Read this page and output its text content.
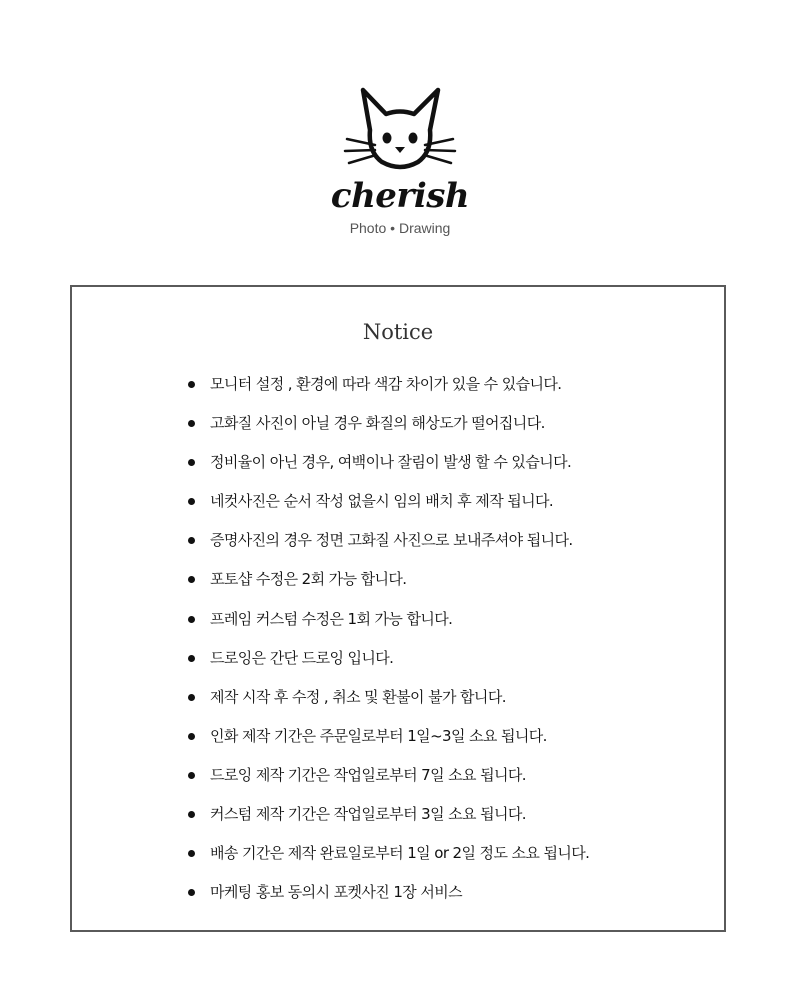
cherish
Photo • Drawing
Notice
모니터 설정 , 환경에 따라 색감 차이가 있을 수 있습니다.
고화질 사진이 아닐 경우 화질의 해상도가 떨어집니다.
정비율이 아닌 경우, 여백이나 잘림이 발생 할 수 있습니다.
네컷사진은 순서 작성 없을시 임의 배치 후 제작 됩니다.
증명사진의 경우 정면 고화질 사진으로 보내주셔야 됩니다.
포토샵 수정은 2회 가능 합니다.
프레임 커스텀 수정은 1회 가능 합니다.
드로잉은 간단 드로잉 입니다.
제작 시작 후 수정 , 취소 및 환불이 불가 합니다.
인화 제작 기간은 주문일로부터 1일~3일 소요 됩니다.
드로잉 제작 기간은 작업일로부터 7일 소요 됩니다.
커스텀 제작 기간은 작업일로부터 3일 소요 됩니다.
배송 기간은 제작 완료일로부터 1일 or 2일 정도 소요 됩니다.
마케팅 홍보 동의시 포켓사진 1장 서비스
